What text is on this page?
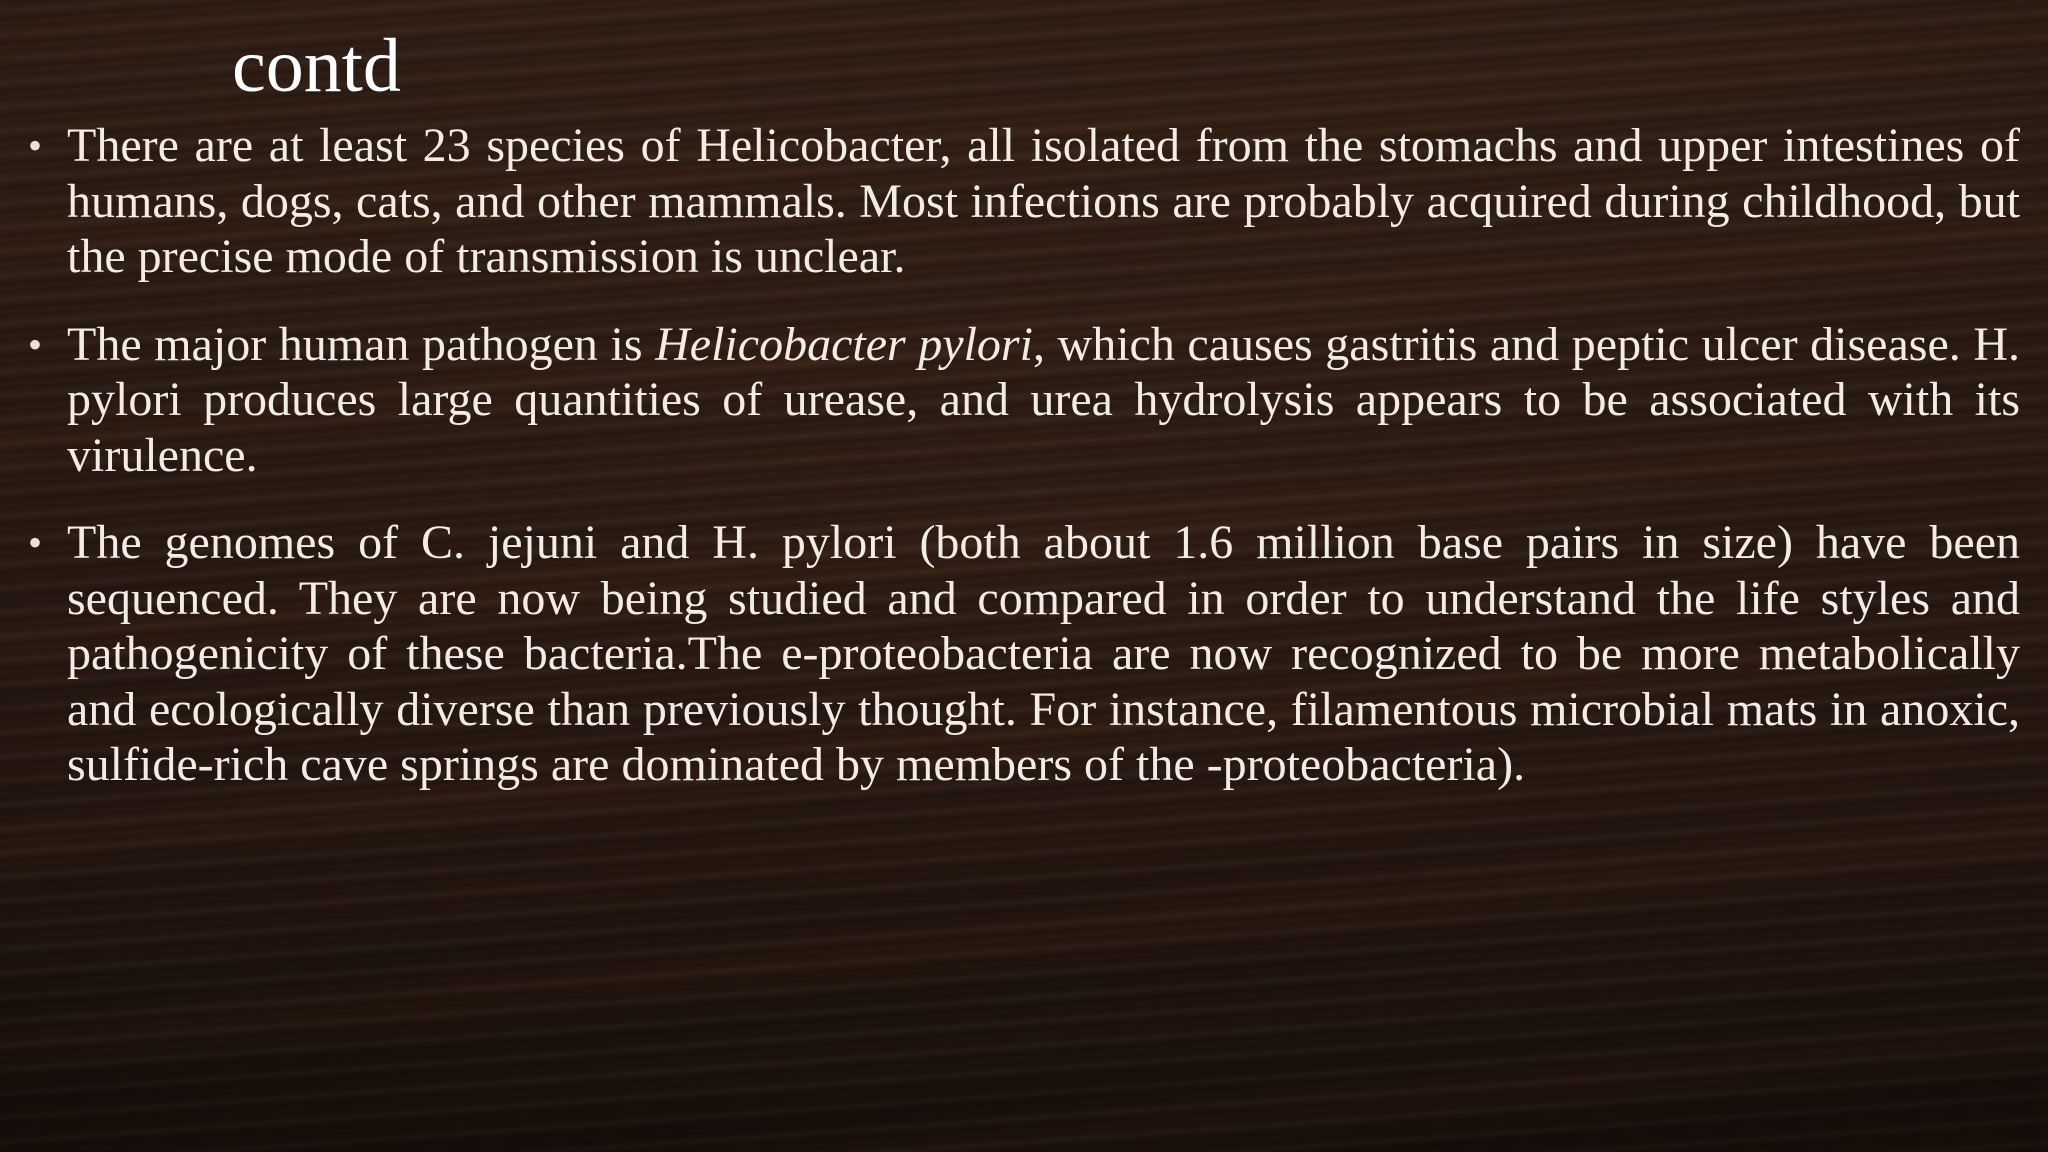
contd
• There are at least 23 species of Helicobacter, all isolated from the stomachs and upper intestines of humans, dogs, cats, and other mammals. Most infections are probably acquired during childhood, but the precise mode of transmission is unclear.
• The major human pathogen is Helicobacter pylori, which causes gastritis and peptic ulcer disease. H. pylori produces large quantities of urease, and urea hydrolysis appears to be associated with its virulence.
• The genomes of C. jejuni and H. pylori (both about 1.6 million base pairs in size) have been sequenced. They are now being studied and compared in order to understand the life styles and pathogenicity of these bacteria.The e-proteobacteria are now recognized to be more metabolically and ecologically diverse than previously thought. For instance, filamentous microbial mats in anoxic, sulfide-rich cave springs are dominated by members of the -proteobacteria).
